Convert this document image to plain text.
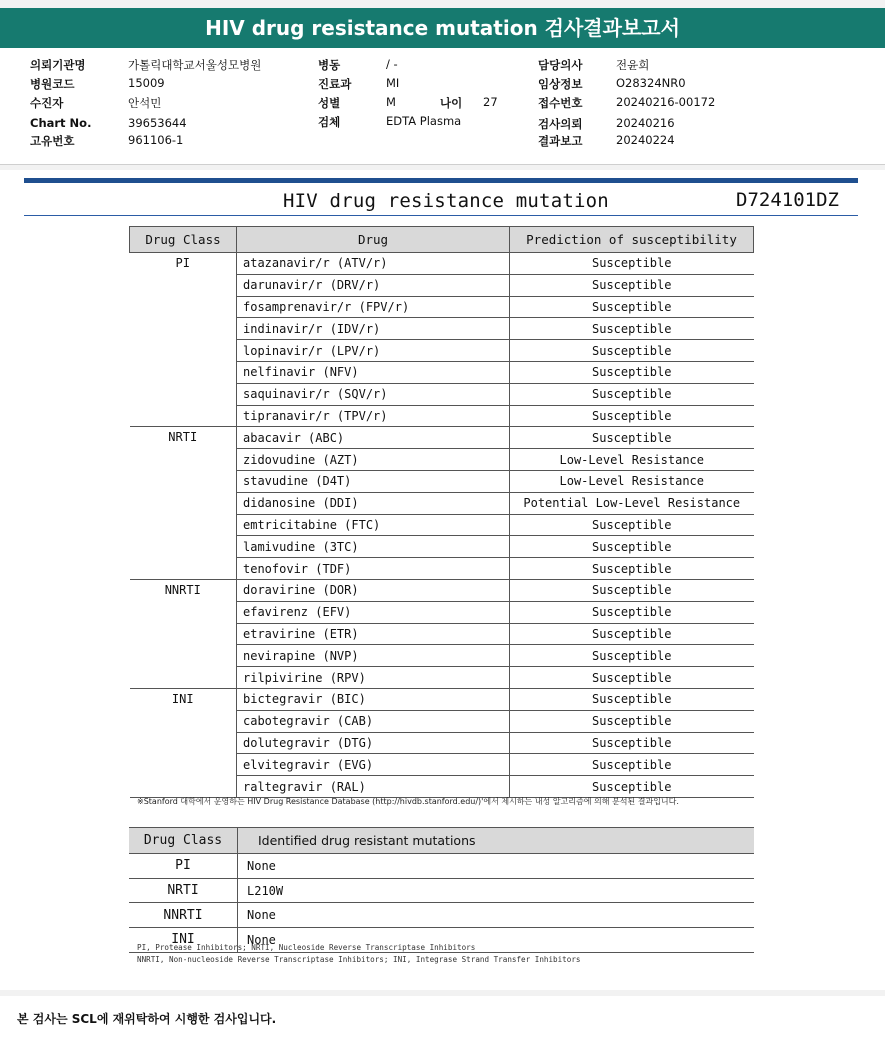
HIV drug resistance mutation 검사결과보고서
의뢰기관명	가톨릭대학교서울성모병원
병원코드	15009
수진자	안석민
Chart No.	39653644
고유번호	961106-1
병동	/ -
진료과	MI
성별	M	나이 27
검체	EDTA Plasma
담당의사	전윤희
임상정보	O28324NR0
접수번호	20240216-00172
검사의뢰	20240216
결과보고	20240224
HIV drug resistance mutation	D724101DZ
Drug Class	Drug	Prediction of susceptibility
PI	atazanavir/r (ATV/r)	Susceptible
	darunavir/r (DRV/r)	Susceptible
	fosamprenavir/r (FPV/r)	Susceptible
	indinavir/r (IDV/r)	Susceptible
	lopinavir/r (LPV/r)	Susceptible
	nelfinavir (NFV)	Susceptible
	saquinavir/r (SQV/r)	Susceptible
	tipranavir/r (TPV/r)	Susceptible
NRTI	abacavir (ABC)	Susceptible
	zidovudine (AZT)	Low-Level Resistance
	stavudine (D4T)	Low-Level Resistance
	didanosine (DDI)	Potential Low-Level Resistance
	emtricitabine (FTC)	Susceptible
	lamivudine (3TC)	Susceptible
	tenofovir (TDF)	Susceptible
NNRTI	doravirine (DOR)	Susceptible
	efavirenz (EFV)	Susceptible
	etravirine (ETR)	Susceptible
	nevirapine (NVP)	Susceptible
	rilpivirine (RPV)	Susceptible
INI	bictegravir (BIC)	Susceptible
	cabotegravir (CAB)	Susceptible
	dolutegravir (DTG)	Susceptible
	elvitegravir (EVG)	Susceptible
	raltegravir (RAL)	Susceptible
※Stanford 대학에서 운영하는 HIV Drug Resistance Database (http://hivdb.stanford.edu/)'에서 제시하는 내성 알고리즘에 의해 분석된 결과입니다.
Drug Class	Identified drug resistant mutations
PI	None
NRTI	L210W
NNRTI	None
INI	None
PI, Protease Inhibitors; NRTI, Nucleoside Reverse Transcriptase Inhibitors
NNRTI, Non-nucleoside Reverse Transcriptase Inhibitors; INI, Integrase Strand Transfer Inhibitors
본 검사는 SCL에 재위탁하여 시행한 검사입니다.
